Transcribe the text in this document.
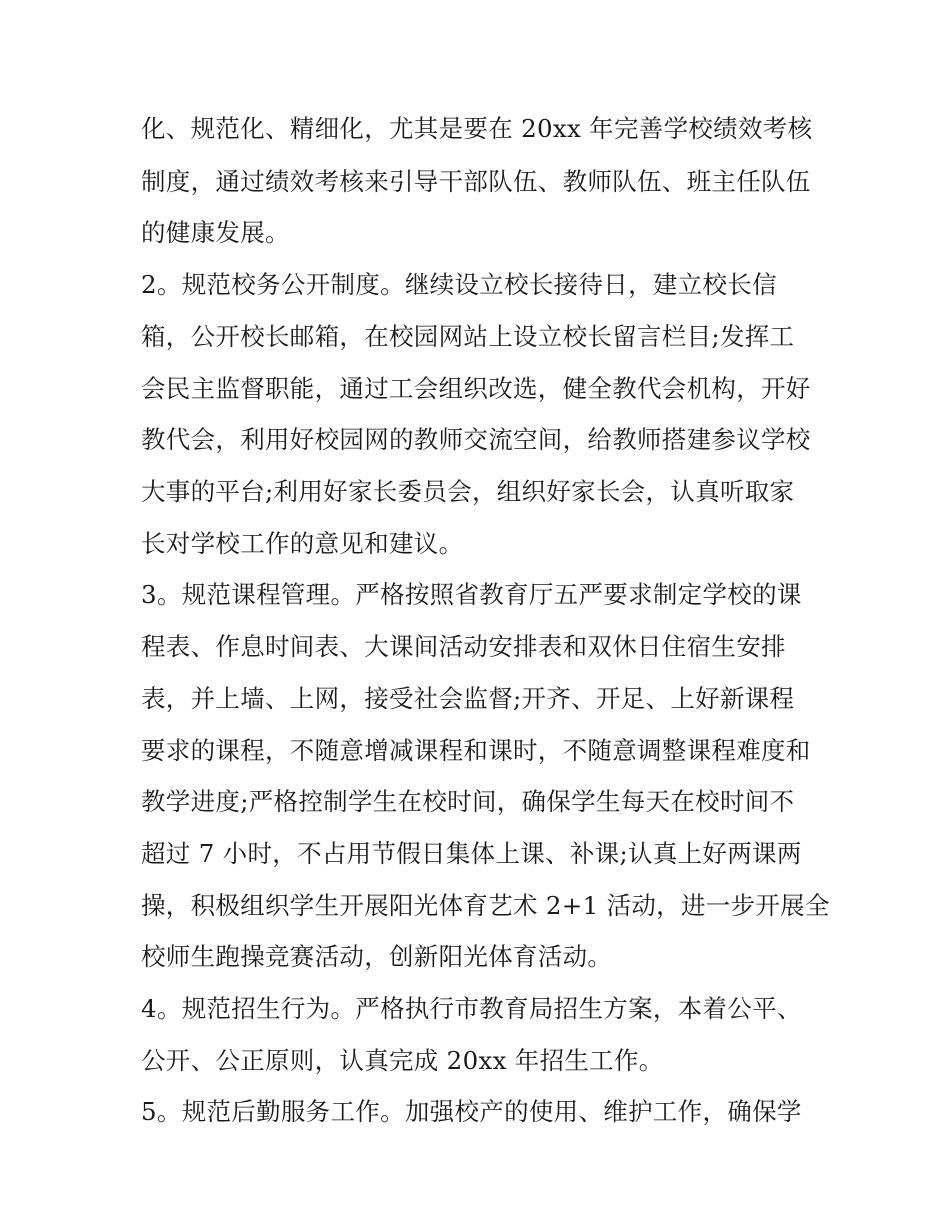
化、规范化、精细化，尤其是要在 20xx 年完善学校绩效考核
制度，通过绩效考核来引导干部队伍、教师队伍、班主任队伍
的健康发展。
2。规范校务公开制度。继续设立校长接待日，建立校长信
箱，公开校长邮箱，在校园网站上设立校长留言栏目;发挥工
会民主监督职能，通过工会组织改选，健全教代会机构，开好
教代会，利用好校园网的教师交流空间，给教师搭建参议学校
大事的平台;利用好家长委员会，组织好家长会，认真听取家
长对学校工作的意见和建议。
3。规范课程管理。严格按照省教育厅五严要求制定学校的课
程表、作息时间表、大课间活动安排表和双休日住宿生安排
表，并上墙、上网，接受社会监督;开齐、开足、上好新课程
要求的课程，不随意增减课程和课时，不随意调整课程难度和
教学进度;严格控制学生在校时间，确保学生每天在校时间不
超过 7 小时，不占用节假日集体上课、补课;认真上好两课两
操，积极组织学生开展阳光体育艺术 2+1 活动，进一步开展全
校师生跑操竞赛活动，创新阳光体育活动。
4。规范招生行为。严格执行市教育局招生方案，本着公平、
公开、公正原则，认真完成 20xx 年招生工作。
5。规范后勤服务工作。加强校产的使用、维护工作，确保学
